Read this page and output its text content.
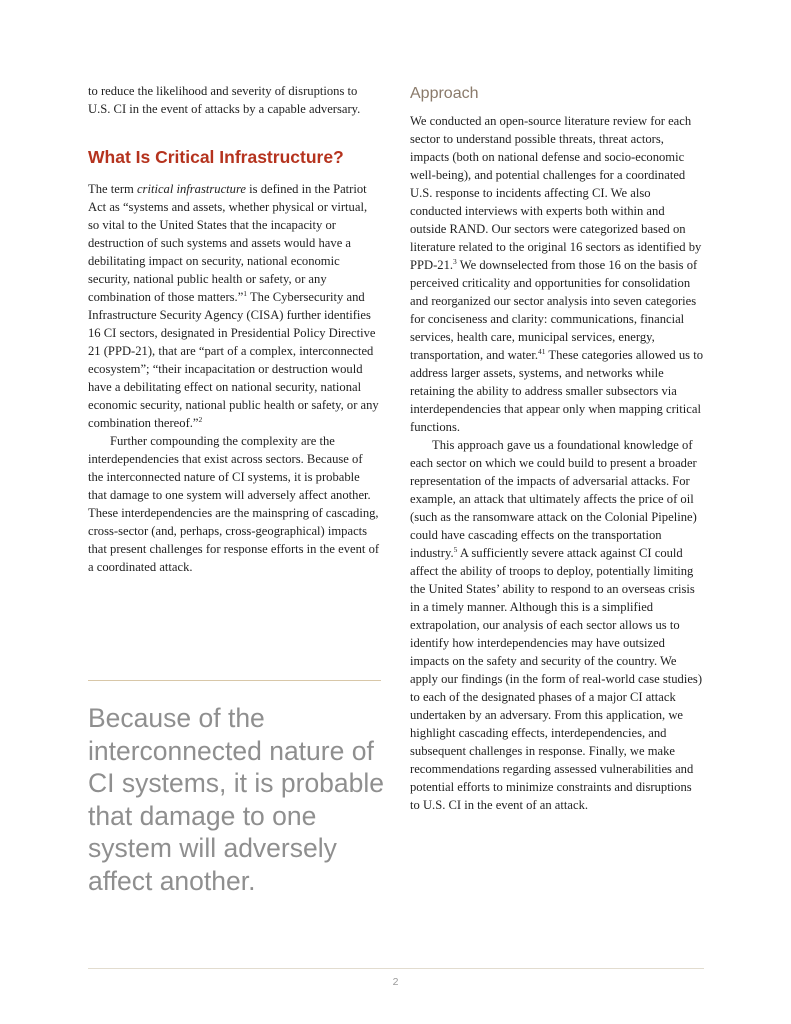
to reduce the likelihood and severity of disruptions to U.S. CI in the event of attacks by a capable adversary.

What Is Critical Infrastructure?

The term critical infrastructure is defined in the Patriot Act as “systems and assets, whether physical or virtual, so vital to the United States that the incapacity or destruction of such systems and assets would have a debilitating impact on security, national economic security, national public health or safety, or any combination of those matters.”$^1$ The Cybersecurity and Infrastructure Security Agency (CISA) further identifies 16 CI sectors, designated in Presidential Policy Directive 21 (PPD-21), that are “part of a complex, interconnected ecosystem”; “their incapacitation or destruction would have a debilitating effect on national security, national economic security, national public health or safety, or any combination thereof.”$^2$

Further compounding the complexity are the interdependencies that exist across sectors. Because of the interconnected nature of CI systems, it is probable that damage to one system will adversely affect another. These interdependencies are the mainspring of cascading, cross-sector (and, perhaps, cross-geographical) impacts that present challenges for response efforts in the event of a coordinated attack.

Because of the interconnected nature of CI systems, it is probable that damage to one system will adversely affect another.

Approach

We conducted an open-source literature review for each sector to understand possible threats, threat actors, impacts (both on national defense and socio-economic well-being), and potential challenges for a coordinated U.S. response to incidents affecting CI. We also conducted interviews with experts both within and outside RAND. Our sectors were categorized based on literature related to the original 16 sectors as identified by PPD-21.$^3$ We downselected from those 16 on the basis of perceived criticality and opportunities for consolidation and reorganized our sector analysis into seven categories for conciseness and clarity: communications, financial services, health care, municipal services, energy, transportation, and water.$^{41}$ These categories allowed us to address larger assets, systems, and networks while retaining the ability to address smaller subsectors via interdependencies that appear only when mapping critical functions.

This approach gave us a foundational knowledge of each sector on which we could build to present a broader representation of the impacts of adversarial attacks. For example, an attack that ultimately affects the price of oil (such as the ransomware attack on the Colonial Pipeline) could have cascading effects on the transportation industry.$^5$ A sufficiently severe attack against CI could affect the ability of troops to deploy, potentially limiting the United States’ ability to respond to an overseas crisis in a timely manner. Although this is a simplified extrapolation, our analysis of each sector allows us to identify how interdependencies may have outsized impacts on the safety and security of the country. We apply our findings (in the form of real-world case studies) to each of the designated phases of a major CI attack undertaken by an adversary. From this application, we highlight cascading effects, interdependencies, and subsequent challenges in response. Finally, we make recommendations regarding assessed vulnerabilities and potential efforts to minimize constraints and disruptions to U.S. CI in the event of an attack.

2
